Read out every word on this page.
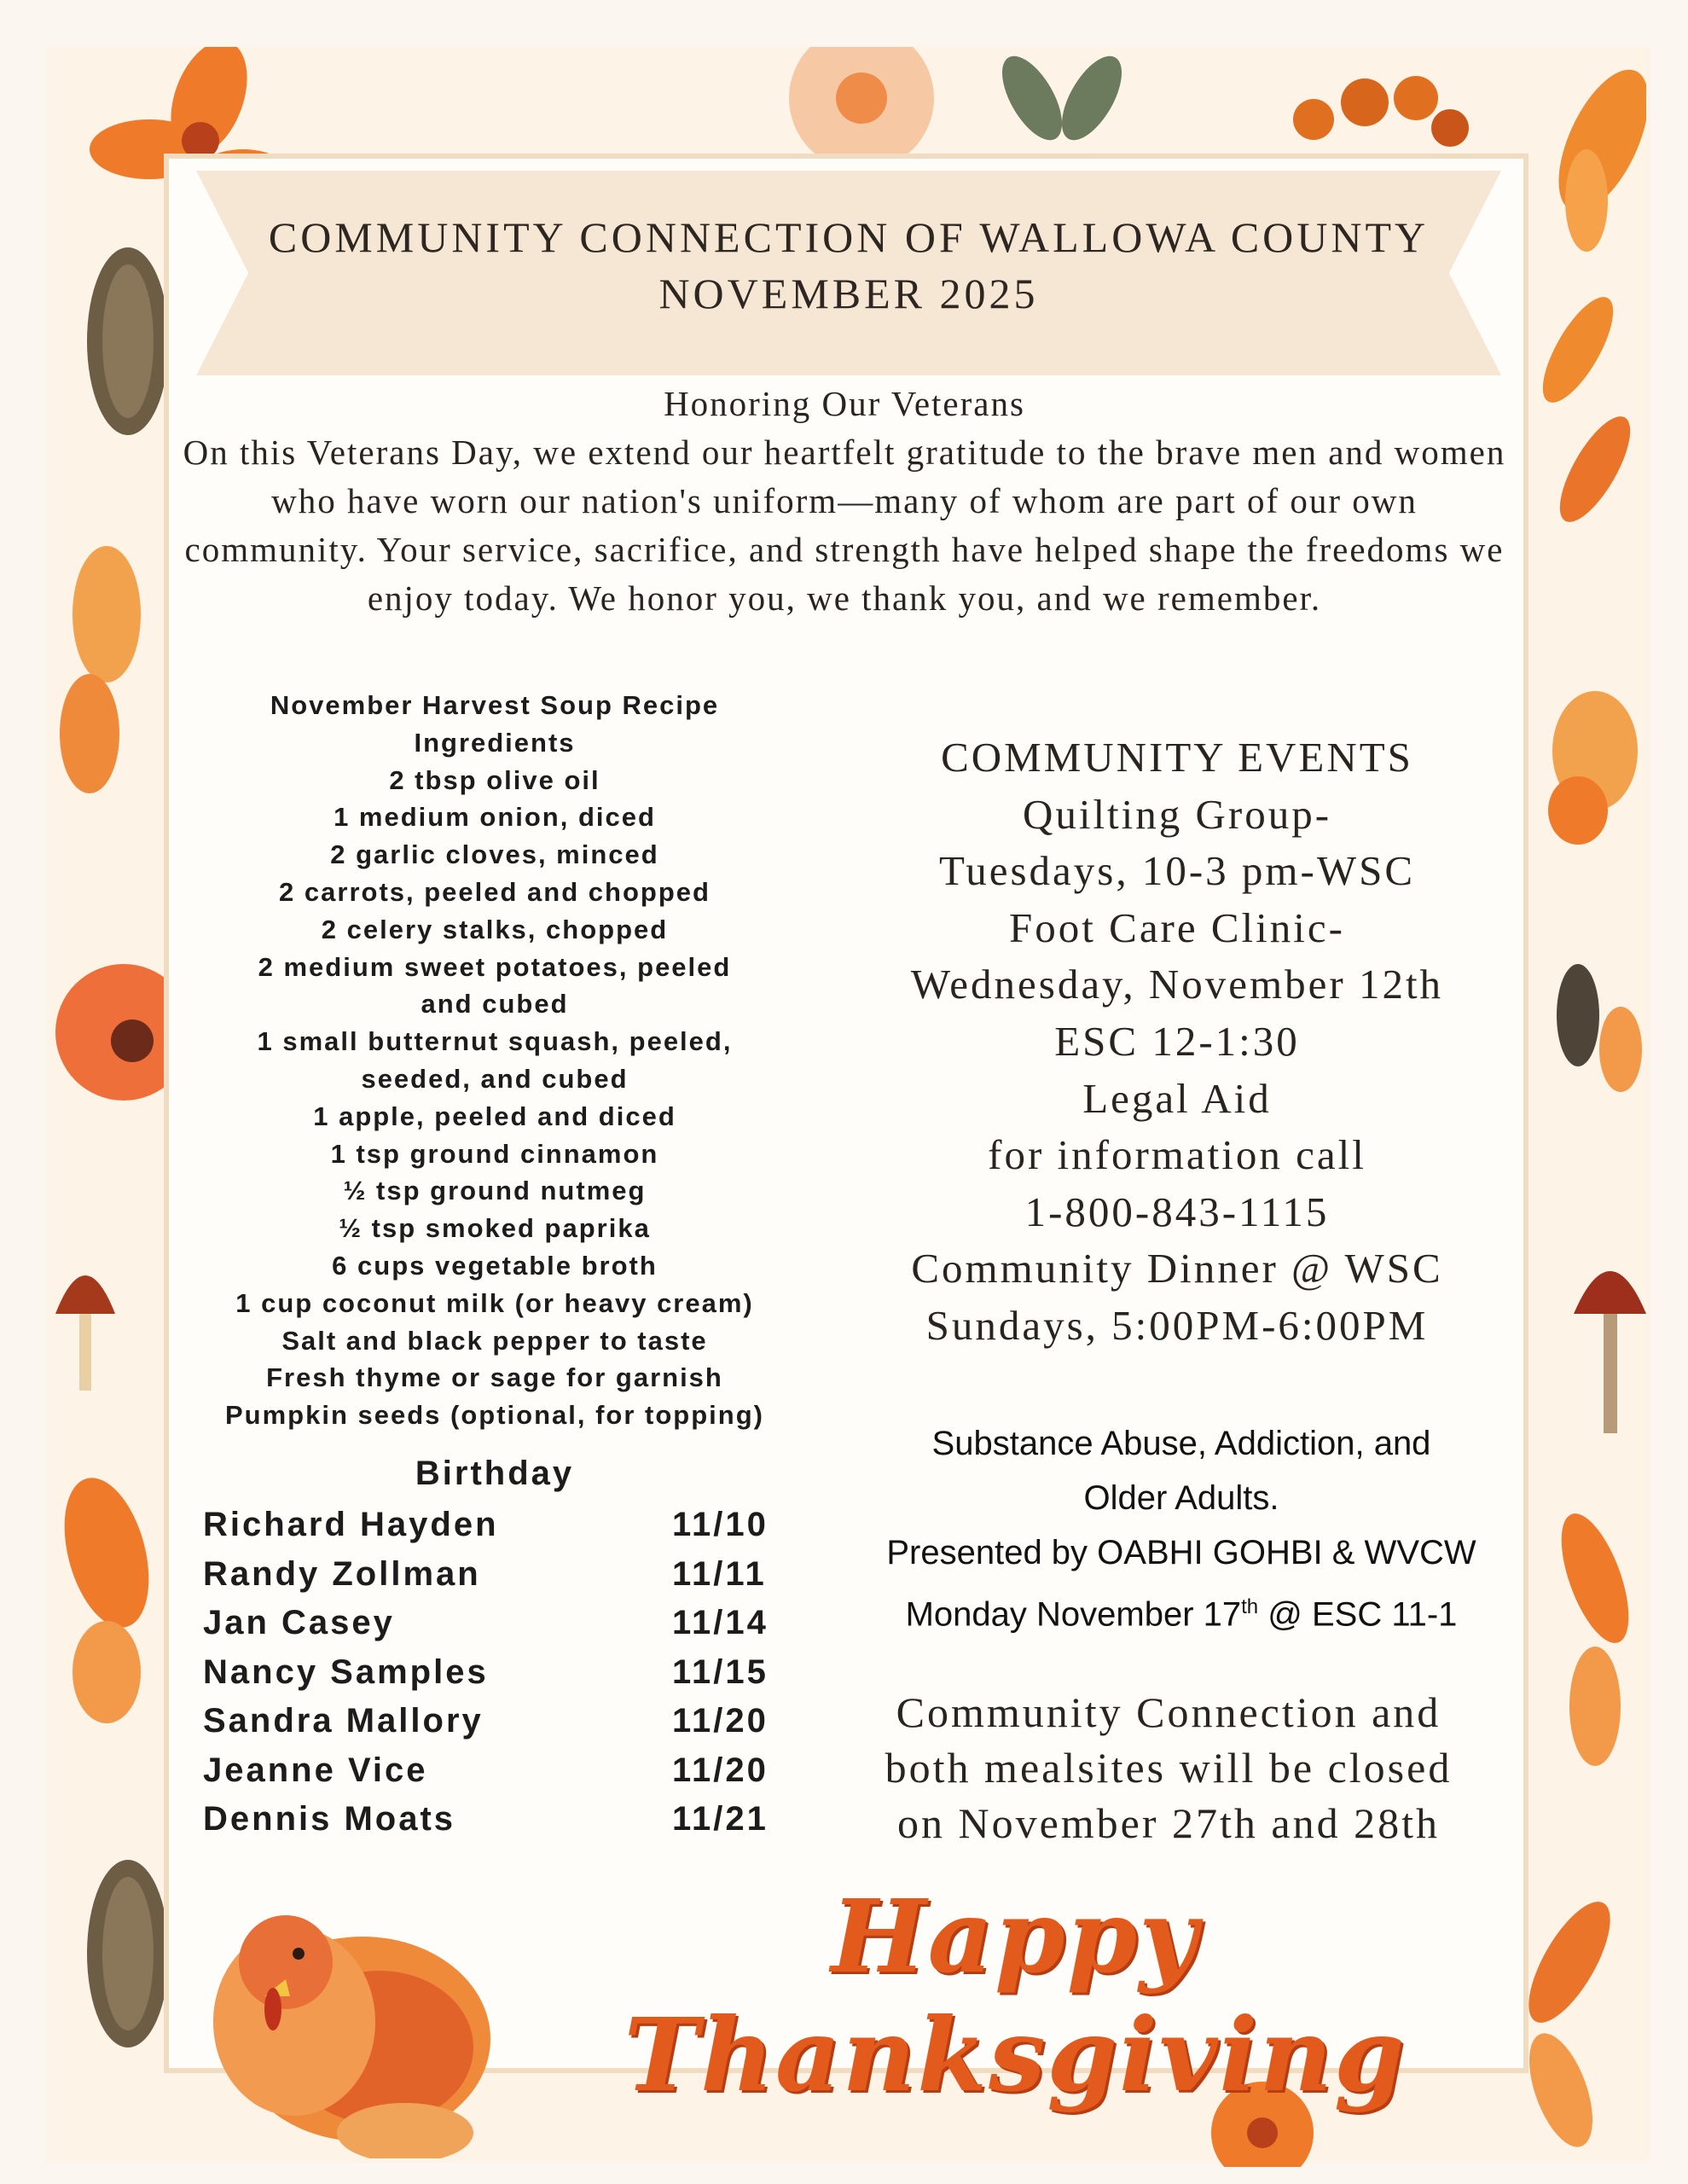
COMMUNITY CONNECTION OF WALLOWA COUNTY
NOVEMBER 2025
Honoring Our Veterans
On this Veterans Day, we extend our heartfelt gratitude to the brave men and women who have worn our nation's uniform—many of whom are part of our own community. Your service, sacrifice, and strength have helped shape the freedoms we enjoy today. We honor you, we thank you, and we remember.
November Harvest Soup Recipe
Ingredients
2 tbsp olive oil
1 medium onion, diced
2 garlic cloves, minced
2 carrots, peeled and chopped
2 celery stalks, chopped
2 medium sweet potatoes, peeled and cubed
1 small butternut squash, peeled, seeded, and cubed
1 apple, peeled and diced
1 tsp ground cinnamon
½ tsp ground nutmeg
½ tsp smoked paprika
6 cups vegetable broth
1 cup coconut milk (or heavy cream)
Salt and black pepper to taste
Fresh thyme or sage for garnish
Pumpkin seeds (optional, for topping)
Birthday
Richard Hayden	11/10
Randy Zollman	11/11
Jan Casey	11/14
Nancy Samples	11/15
Sandra Mallory	11/20
Jeanne Vice	11/20
Dennis Moats	11/21
COMMUNITY EVENTS
Quilting Group-
Tuesdays, 10-3 pm-WSC
Foot Care Clinic-
Wednesday, November 12th
ESC 12-1:30
Legal Aid
for information call
1-800-843-1115
Community Dinner @ WSC
Sundays, 5:00PM-6:00PM
Substance Abuse, Addiction, and
Older Adults.
Presented by OABHI GOHBI & WVCW
Monday November 17th @ ESC 11-1
Community Connection and
both mealsites will be closed
on November 27th and 28th
Happy Thanksgiving
